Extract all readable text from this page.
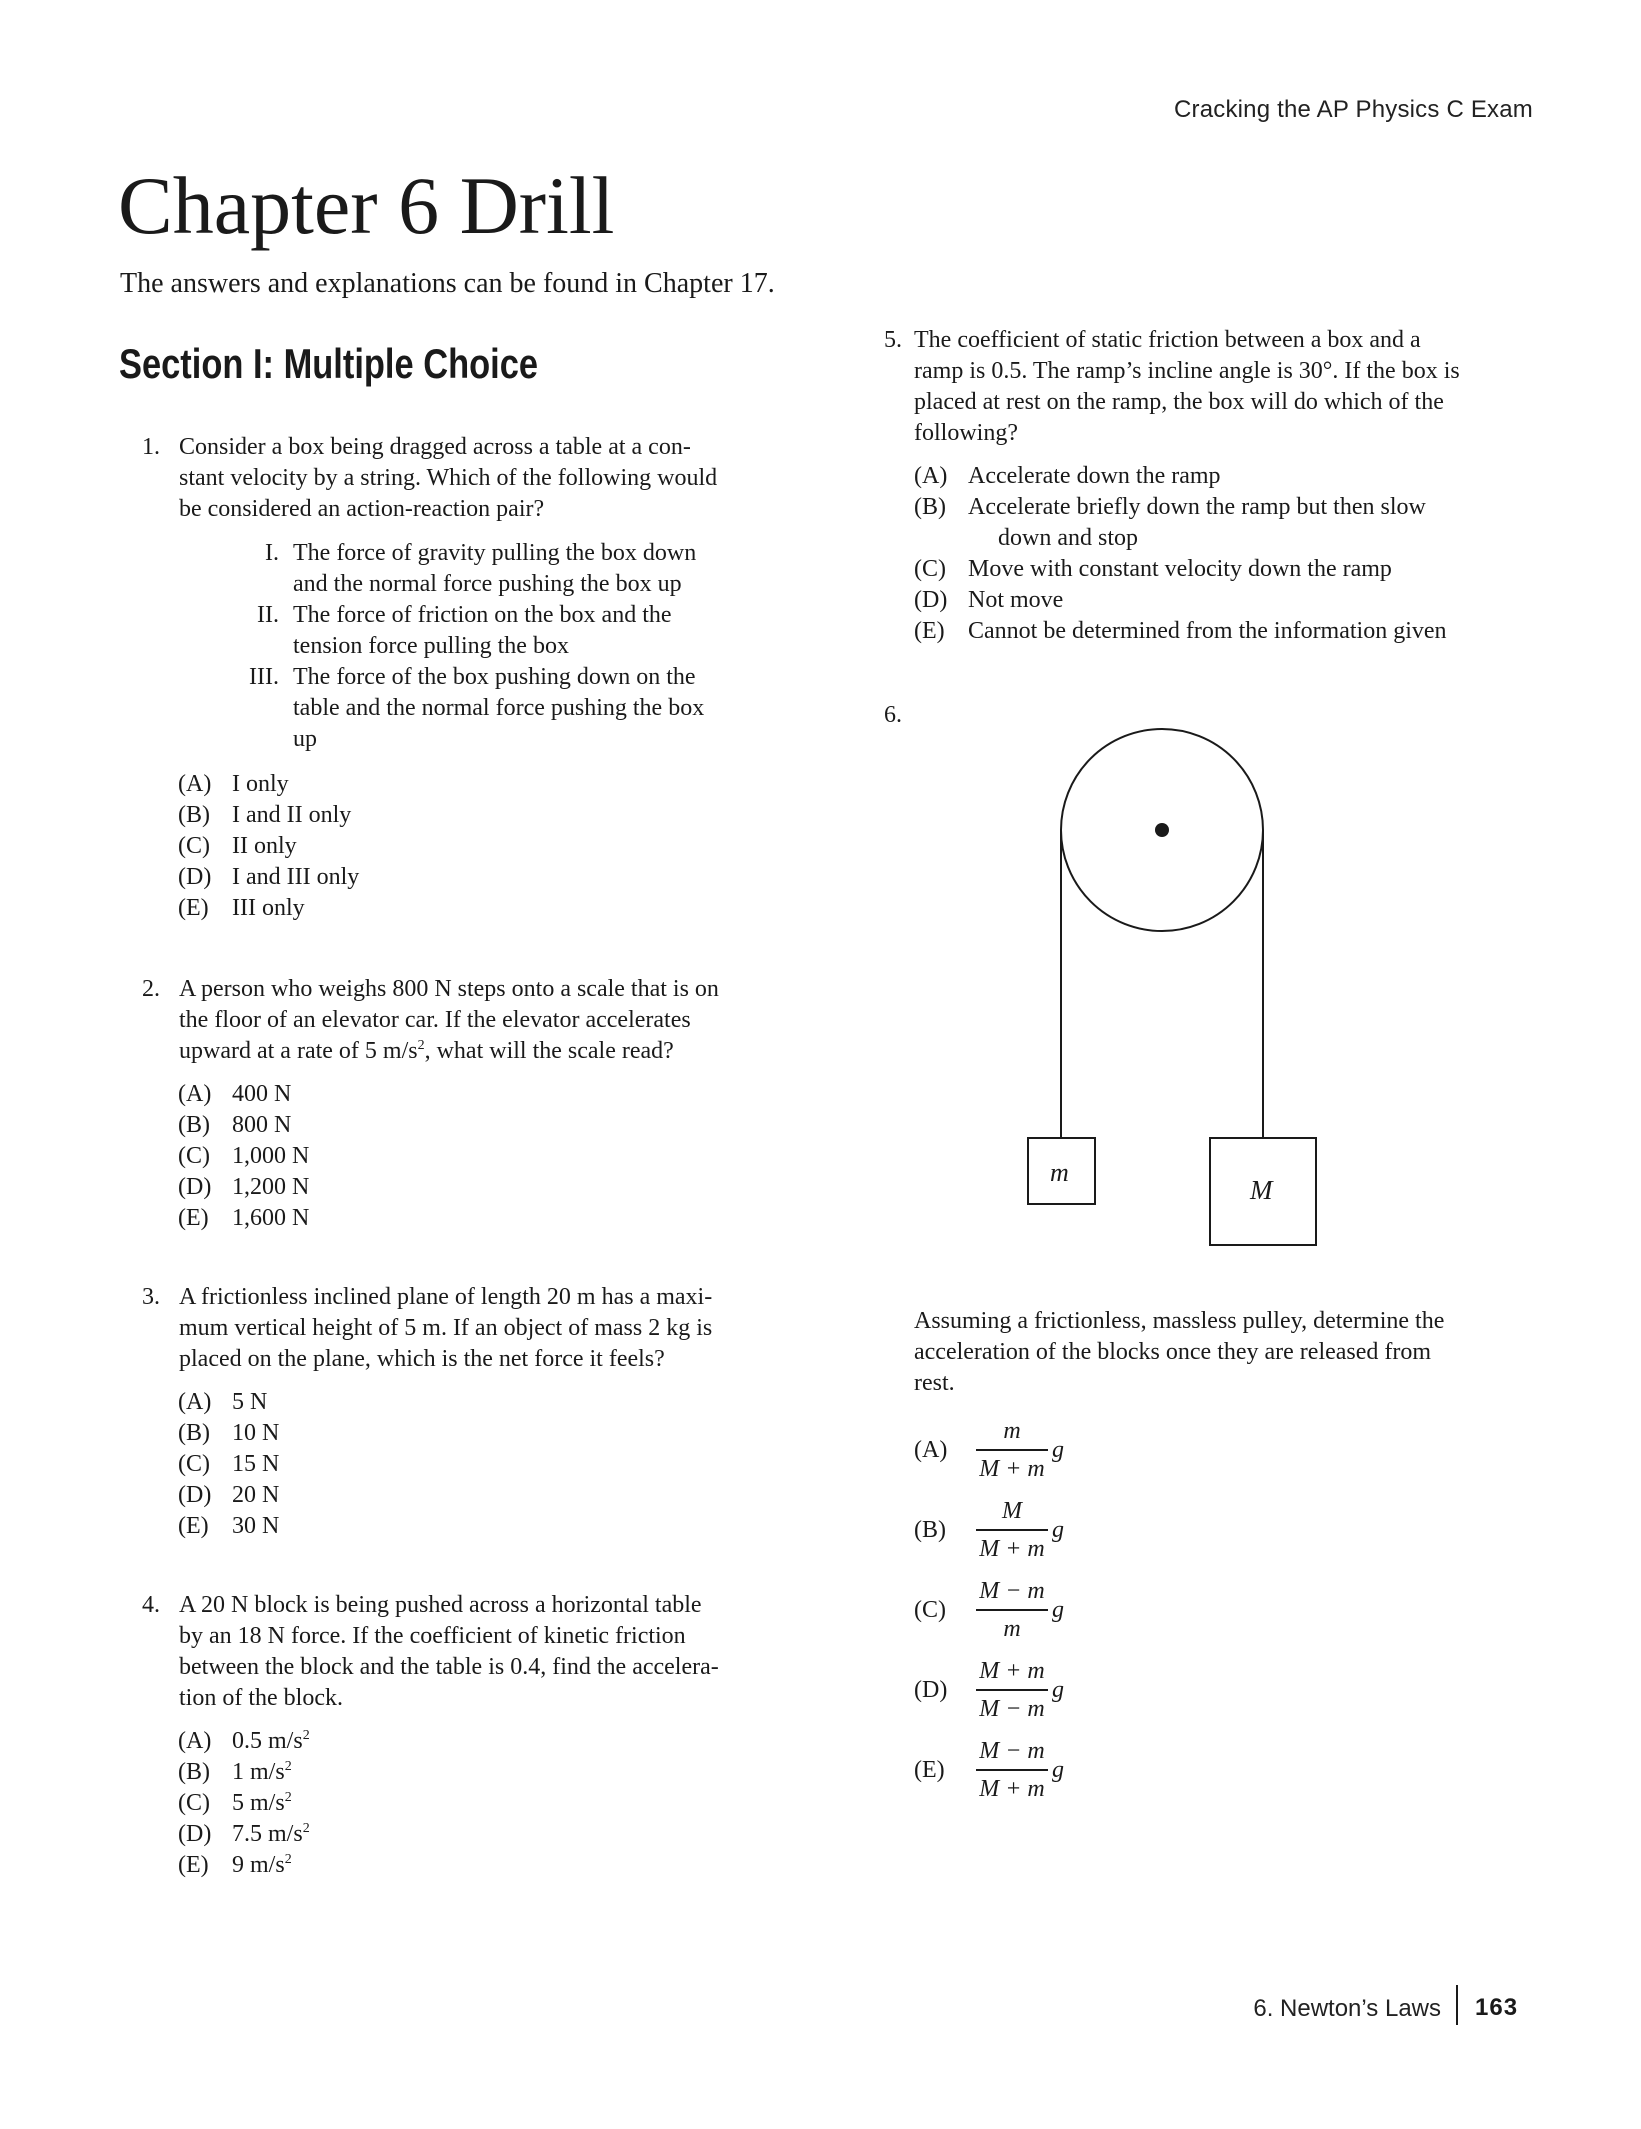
Cracking the AP Physics C Exam
Chapter 6 Drill
The answers and explanations can be found in Chapter 17.
Section I: Multiple Choice
1. Consider a box being dragged across a table at a con-
stant velocity by a string. Which of the following would
be considered an action-reaction pair?
I. The force of gravity pulling the box down
and the normal force pushing the box up
II. The force of friction on the box and the
tension force pulling the box
III. The force of the box pushing down on the
table and the normal force pushing the box
up
(A) I only
(B) I and II only
(C) II only
(D) I and III only
(E) III only
2. A person who weighs 800 N steps onto a scale that is on
the floor of an elevator car. If the elevator accelerates
upward at a rate of 5 $m/s^2$, what will the scale read?
(A) 400 N
(B) 800 N
(C) 1,000 N
(D) 1,200 N
(E) 1,600 N
3. A frictionless inclined plane of length 20 m has a maxi-
mum vertical height of 5 m. If an object of mass 2 kg is
placed on the plane, which is the net force it feels?
(A) 5 N
(B) 10 N
(C) 15 N
(D) 20 N
(E) 30 N
4. A 20 N block is being pushed across a horizontal table
by an 18 N force. If the coefficient of kinetic friction
between the block and the table is 0.4, find the accelera-
tion of the block.
(A) 0.5 $m/s^2$
(B) 1 $m/s^2$
(C) 5 $m/s^2$
(D) 7.5 $m/s^2$
(E) 9 $m/s^2$
5. The coefficient of static friction between a box and a
ramp is 0.5. The ramp’s incline angle is 30°. If the box is
placed at rest on the ramp, the box will do which of the
following?
(A) Accelerate down the ramp
(B) Accelerate briefly down the ramp but then slow
down and stop
(C) Move with constant velocity down the ramp
(D) Not move
(E) Cannot be determined from the information given
6.
m
M
Assuming a frictionless, massless pulley, determine the
acceleration of the blocks once they are released from
rest.
(A)
m
M + m
g
(B)
M
M + m
g
(C)
M − m
m
g
(D)
M + m
M − m
g
(E)
M − m
M + m
g
6. Newton’s Laws 163
